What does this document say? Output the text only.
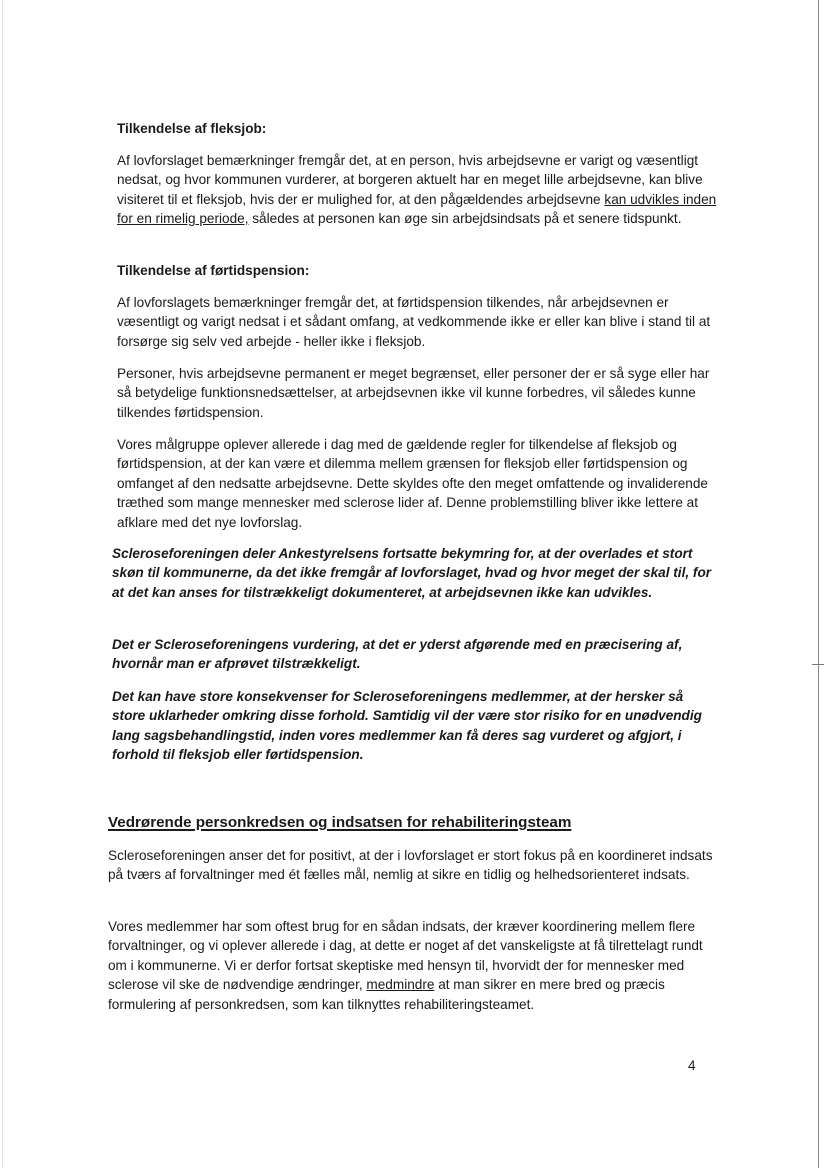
Tilkendelse af fleksjob:
Af lovforslaget bemærkninger fremgår det, at en person, hvis arbejdsevne er varigt og væsentligt nedsat, og hvor kommunen vurderer, at borgeren aktuelt har en meget lille arbejdsevne, kan blive visiteret til et fleksjob, hvis der er mulighed for, at den pågældendes arbejdsevne kan udvikles inden for en rimelig periode, således at personen kan øge sin arbejdsindsats på et senere tidspunkt.
Tilkendelse af førtidspension:
Af lovforslagets bemærkninger fremgår det, at førtidspension tilkendes, når arbejdsevnen er væsentligt og varigt nedsat i et sådant omfang, at vedkommende ikke er eller kan blive i stand til at forsørge sig selv ved arbejde - heller ikke i fleksjob.
Personer, hvis arbejdsevne permanent er meget begrænset, eller personer der er så syge eller har så betydelige funktionsnedsættelser, at arbejdsevnen ikke vil kunne forbedres, vil således kunne tilkendes førtidspension.
Vores målgruppe oplever allerede i dag med de gældende regler for tilkendelse af fleksjob og førtidspension, at der kan være et dilemma mellem grænsen for fleksjob eller førtidspension og omfanget af den nedsatte arbejdsevne. Dette skyldes ofte den meget omfattende og invaliderende træthed som mange mennesker med sclerose lider af. Denne problemstilling bliver ikke lettere at afklare med det nye lovforslag.
Scleroseforeningen deler Ankestyrelsens fortsatte bekymring for, at der overlades et stort skøn til kommunerne, da det ikke fremgår af lovforslaget, hvad og hvor meget der skal til, for at det kan anses for tilstrækkeligt dokumenteret, at arbejdsevnen ikke kan udvikles.
Det er Scleroseforeningens vurdering, at det er yderst afgørende med en præcisering af, hvornår man er afprøvet tilstrækkeligt.
Det kan have store konsekvenser for Scleroseforeningens medlemmer, at der hersker så store uklarheder omkring disse forhold. Samtidig vil der være stor risiko for en unødvendig lang sagsbehandlingstid, inden vores medlemmer kan få deres sag vurderet og afgjort, i forhold til fleksjob eller førtidspension.
Vedrørende personkredsen og indsatsen for rehabiliteringsteam
Scleroseforeningen anser det for positivt, at der i lovforslaget er stort fokus på en koordineret indsats på tværs af forvaltninger med ét fælles mål, nemlig at sikre en tidlig og helhedsorienteret indsats.
Vores medlemmer har som oftest brug for en sådan indsats, der kræver koordinering mellem flere forvaltninger, og vi oplever allerede i dag, at dette er noget af det vanskeligste at få tilrettelagt rundt om i kommunerne. Vi er derfor fortsat skeptiske med hensyn til, hvorvidt der for mennesker med sclerose vil ske de nødvendige ændringer, medmindre at man sikrer en mere bred og præcis formulering af personkredsen, som kan tilknyttes rehabiliteringsteamet.
4
